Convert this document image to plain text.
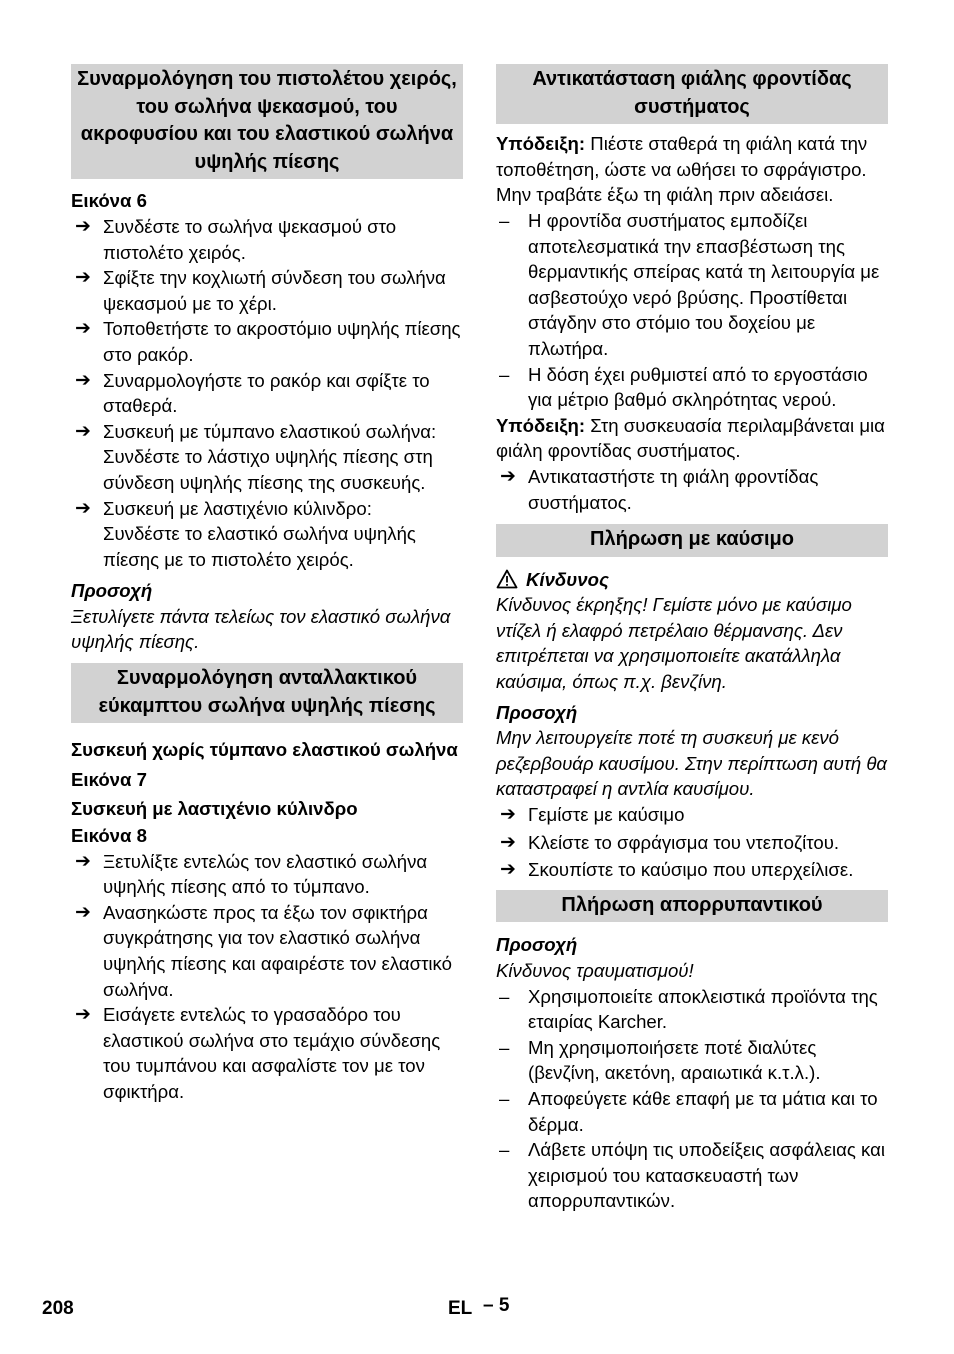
Συναρμολόγηση του πιστολέτου χειρός, του σωλήνα ψεκασμού, του ακροφυσίου και του ελαστικού σωλήνα υψηλής πίεσης
Εικόνα 6
➔ Συνδέστε το σωλήνα ψεκασμού στο πιστολέτο χειρός.
➔ Σφίξτε την κοχλιωτή σύνδεση του σωλήνα ψεκασμού με το χέρι.
➔ Τοποθετήστε το ακροστόμιο υψηλής πίεσης στο ρακόρ.
➔ Συναρμολογήστε το ρακόρ και σφίξτε το σταθερά.
➔ Συσκευή με τύμπανο ελαστικού σωλήνα:
Συνδέστε το λάστιχο υψηλής πίεσης στη σύνδεση υψηλής πίεσης της συσκευής.
➔ Συσκευή με λαστιχένιο κύλινδρο:
Συνδέστε το ελαστικό σωλήνα υψηλής πίεσης με το πιστολέτο χειρός.
Προσοχή
Ξετυλίγετε πάντα τελείως τον ελαστικό σωλήνα υψηλής πίεσης.
Συναρμολόγηση ανταλλακτικού εύκαμπτου σωλήνα υψηλής πίεσης
Συσκευή χωρίς τύμπανο ελαστικού σωλήνα
Εικόνα 7
Συσκευή με λαστιχένιο κύλινδρο
Εικόνα 8
➔ Ξετυλίξτε εντελώς τον ελαστικό σωλήνα υψηλής πίεσης από το τύμπανο.
➔ Ανασηκώστε προς τα έξω τον σφικτήρα συγκράτησης για τον ελαστικό σωλήνα υψηλής πίεσης και αφαιρέστε τον ελαστικό σωλήνα.
➔ Εισάγετε εντελώς το γρασαδόρο του ελαστικού σωλήνα στο τεμάχιο σύνδεσης του τυμπάνου και ασφαλίστε τον με τον σφικτήρα.
Αντικατάσταση φιάλης φροντίδας συστήματος
Υπόδειξη: Πιέστε σταθερά τη φιάλη κατά την τοποθέτηση, ώστε να ωθήσει το σφράγιστρο. Μην τραβάτε έξω τη φιάλη πριν αδειάσει.
– Η φροντίδα συστήματος εμποδίζει αποτελεσματικά την επασβέστωση της θερμαντικής σπείρας κατά τη λειτουργία με ασβεστούχο νερό βρύσης. Προστίθεται στάγδην στο στόμιο του δοχείου με πλωτήρα.
– Η δόση έχει ρυθμιστεί από το εργοστάσιο για μέτριο βαθμό σκληρότητας νερού.
Υπόδειξη: Στη συσκευασία περιλαμβάνεται μια φιάλη φροντίδας συστήματος.
➔ Αντικαταστήστε τη φιάλη φροντίδας συστήματος.
Πλήρωση με καύσιμο
Κίνδυνος
Κίνδυνος έκρηξης! Γεμίστε μόνο με καύσιμο ντίζελ ή ελαφρό πετρέλαιο θέρμανσης. Δεν επιτρέπεται να χρησιμοποιείτε ακατάλληλα καύσιμα, όπως π.χ. βενζίνη.
Προσοχή
Μην λειτουργείτε ποτέ τη συσκευή με κενό ρεζερβουάρ καυσίμου. Στην περίπτωση αυτή θα καταστραφεί η αντλία καυσίμου.
➔ Γεμίστε με καύσιμο
➔ Κλείστε το σφράγισμα του ντεποζίτου.
➔ Σκουπίστε το καύσιμο που υπερχείλισε.
Πλήρωση απορρυπαντικού
Προσοχή
Κίνδυνος τραυματισμού!
– Χρησιμοποιείτε αποκλειστικά προϊόντα της εταιρίας Karcher.
– Μη χρησιμοποιήσετε ποτέ διαλύτες (βενζίνη, ακετόνη, αραιωτικά κ.τ.λ.).
– Αποφεύγετε κάθε επαφή με τα μάτια και το δέρμα.
– Λάβετε υπόψη τις υποδείξεις ασφάλειας και χειρισμού του κατασκευαστή των απορρυπαντικών.
208	EL – 5
